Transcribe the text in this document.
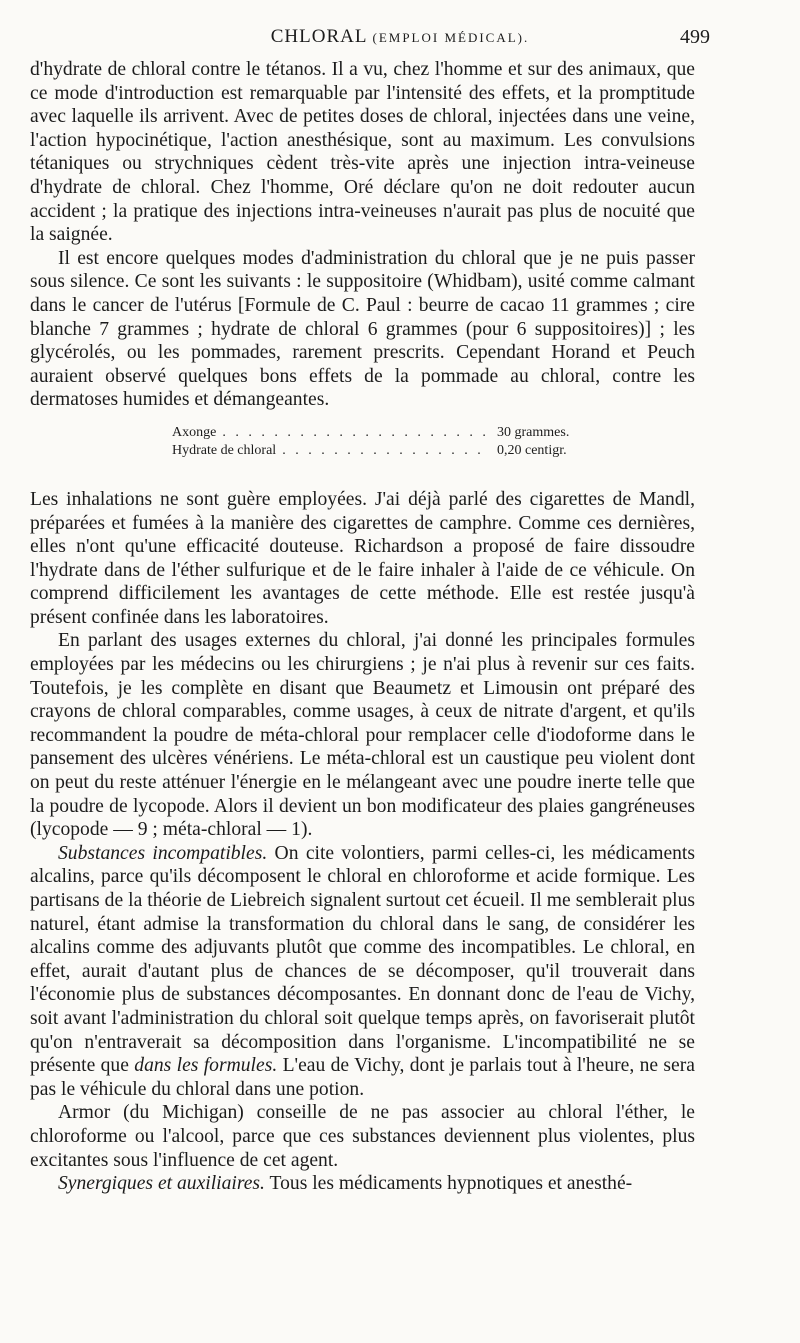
CHLORAL (EMPLOI MÉDICAL).	499

d'hydrate de chloral contre le tétanos. Il a vu, chez l'homme et sur des animaux, que ce mode d'introduction est remarquable par l'intensité des effets, et la promptitude avec laquelle ils arrivent. Avec de petites doses de chloral, injectées dans une veine, l'action hypocinétique, l'action anesthésique, sont au maximum. Les convulsions tétaniques ou strychniques cèdent très-vite après une injection intra-veineuse d'hydrate de chloral. Chez l'homme, Oré déclare qu'on ne doit redouter aucun accident ; la pratique des injections intra-veineuses n'aurait pas plus de nocuité que la saignée.

Il est encore quelques modes d'administration du chloral que je ne puis passer sous silence. Ce sont les suivants : le suppositoire (Whidbam), usité comme calmant dans le cancer de l'utérus [Formule de C. Paul : beurre de cacao 11 grammes ; cire blanche 7 grammes ; hydrate de chloral 6 grammes (pour 6 suppositoires)] ; les glycérolés, ou les pommades, rarement prescrits. Cependant Horand et Peuch auraient observé quelques bons effets de la pommade au chloral, contre les dermatoses humides et démangeantes.

Axonge . . .	30 grammes.
Hydrate de chloral . . .	0,20 centigr.

Les inhalations ne sont guère employées. J'ai déjà parlé des cigarettes de Mandl, préparées et fumées à la manière des cigarettes de camphre. Comme ces dernières, elles n'ont qu'une efficacité douteuse. Richardson a proposé de faire dissoudre l'hydrate dans de l'éther sulfurique et de le faire inhaler à l'aide de ce véhicule. On comprend difficilement les avantages de cette méthode. Elle est restée jusqu'à présent confinée dans les laboratoires.

En parlant des usages externes du chloral, j'ai donné les principales formules employées par les médecins ou les chirurgiens ; je n'ai plus à revenir sur ces faits. Toutefois, je les complète en disant que Beaumetz et Limousin ont préparé des crayons de chloral comparables, comme usages, à ceux de nitrate d'argent, et qu'ils recommandent la poudre de méta-chloral pour remplacer celle d'iodoforme dans le pansement des ulcères vénériens. Le méta-chloral est un caustique peu violent dont on peut du reste atténuer l'énergie en le mélangeant avec une poudre inerte telle que la poudre de lycopode. Alors il devient un bon modificateur des plaies gangréneuses (lycopode — 9 ; méta-chloral — 1).

Substances incompatibles. On cite volontiers, parmi celles-ci, les médicaments alcalins, parce qu'ils décomposent le chloral en chloroforme et acide formique. Les partisans de la théorie de Liebreich signalent surtout cet écueil. Il me semblerait plus naturel, étant admise la transformation du chloral dans le sang, de considérer les alcalins comme des adjuvants plutôt que comme des incompatibles. Le chloral, en effet, aurait d'autant plus de chances de se décomposer, qu'il trouverait dans l'économie plus de substances décomposantes. En donnant donc de l'eau de Vichy, soit avant l'administration du chloral soit quelque temps après, on favoriserait plutôt qu'on n'entraverait sa décomposition dans l'organisme. L'incompatibilité ne se présente que dans les formules. L'eau de Vichy, dont je parlais tout à l'heure, ne sera pas le véhicule du chloral dans une potion.

Armor (du Michigan) conseille de ne pas associer au chloral l'éther, le chloroforme ou l'alcool, parce que ces substances deviennent plus violentes, plus excitantes sous l'influence de cet agent.

Synergiques et auxiliaires. Tous les médicaments hypnotiques et anesthé-
